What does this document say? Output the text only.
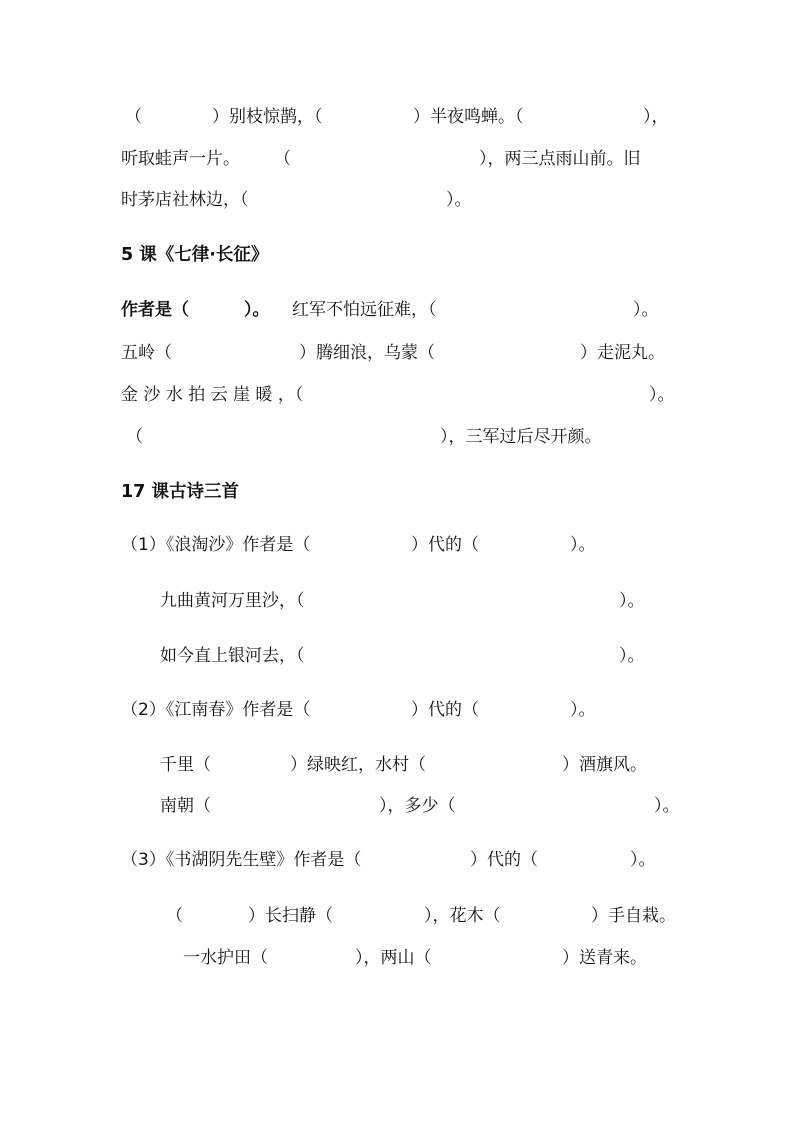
（

	）别枝惊鹊，（

	）半夜鸣蝉。（

	），

听取蛙声一片。

（

	），两三点雨山前。旧

时茅店社林边，（

	）。

5 课《七律·长征》

作者是（

	）。

红军不怕远征难，（

	）。

五岭（

	）腾细浪，乌蒙（

	）走泥丸。

金 沙 水 拍 云 崖 暖 ，（

	）。

（

	），三军过后尽开颜。

17 课古诗三首

（1）《浪淘沙》作者是（

	）代的（

	）。

九曲黄河万里沙，（

	）。

如今直上银河去，（

	）。

（2）《江南春》作者是（

	）代的（

	）。

千里（

	）绿映红，水村（

	）酒旗风。

南朝（

	），多少（

	）。

（3）《书湖阴先生壁》作者是（

	）代的（

	）。

（

	）长扫静（

	），花木（

	）手自栽。

一水护田（

	），两山（

	）送青来。
